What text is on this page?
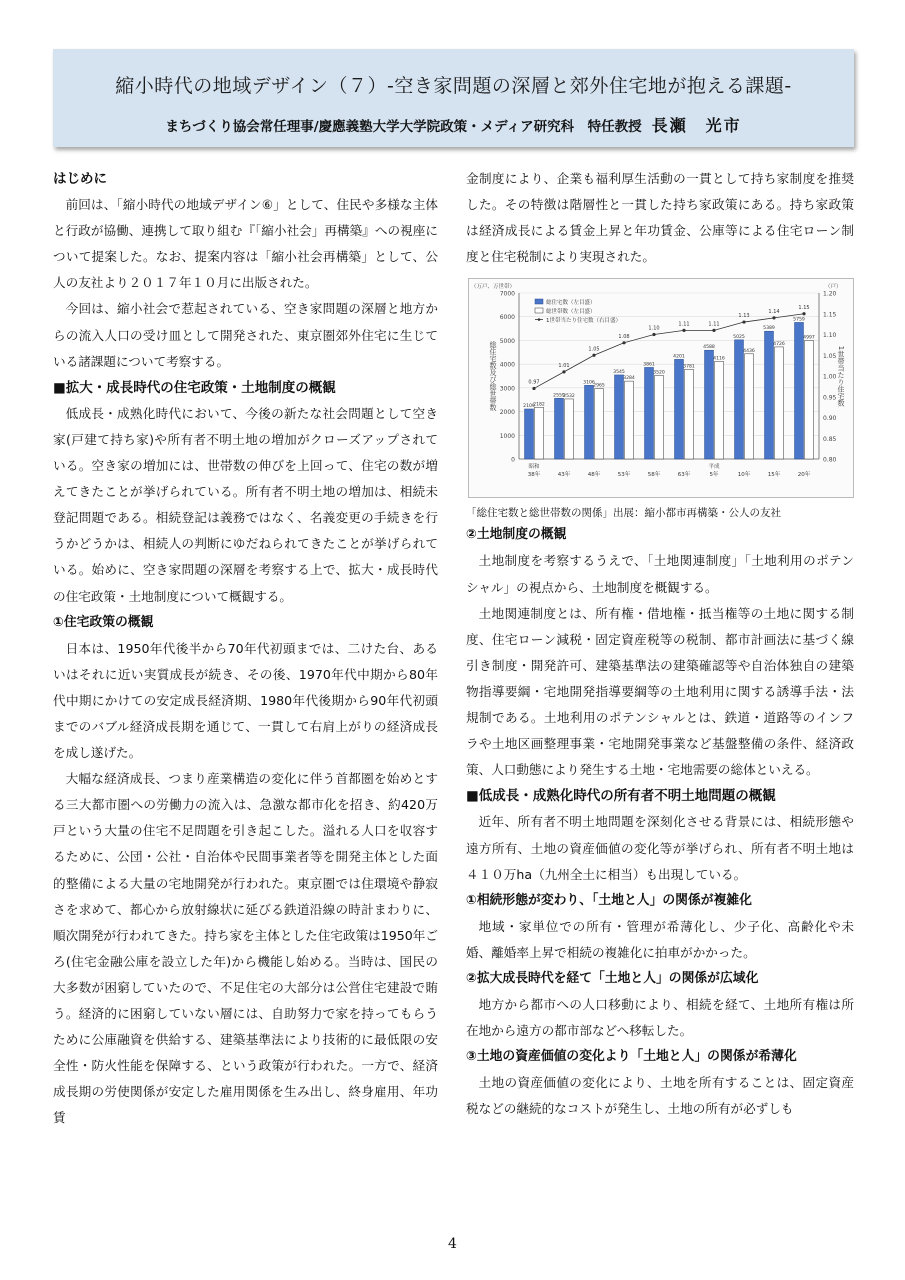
縮小時代の地域デザイン（７）-空き家問題の深層と郊外住宅地が抱える課題-
まちづくり協会常任理事/慶應義塾大学大学院政策・メディア研究科　特任教授 長瀬　光市
はじめに

前回は、「縮小時代の地域デザイン⑥」として、住民や多様な主体と行政が協働、連携して取り組む『「縮小社会」再構築』への視座について提案した。なお、提案内容は「縮小社会再構築」として、公人の友社より２０１７年１０月に出版された。

今回は、縮小社会で惹起されている、空き家問題の深層と地方からの流入人口の受け皿として開発された、東京圏郊外住宅に生じている諸課題について考察する。

■拡大・成長時代の住宅政策・土地制度の概観

低成長・成熟化時代において、今後の新たな社会問題として空き家(戸建て持ち家)や所有者不明土地の増加がクローズアップされている。空き家の増加には、世帯数の伸びを上回って、住宅の数が増えてきたことが挙げられている。所有者不明土地の増加は、相続未登記問題である。相続登記は義務ではなく、名義変更の手続きを行うかどうかは、相続人の判断にゆだねられてきたことが挙げられている。始めに、空き家問題の深層を考察する上で、拡大・成長時代の住宅政策・土地制度について概観する。

①住宅政策の概観

日本は、1950年代後半から70年代初頭までは、二けた台、あるいはそれに近い実質成長が続き、その後、1970年代中期から80年代中期にかけての安定成長経済期、1980年代後期から90年代初頭までのバブル経済成長期を通じて、一貫して右肩上がりの経済成長を成し遂げた。

大幅な経済成長、つまり産業構造の変化に伴う首都圏を始めとする三大都市圏への労働力の流入は、急激な都市化を招き、約420万戸という大量の住宅不足問題を引き起こした。溢れる人口を収容するために、公団・公社・自治体や民間事業者等を開発主体とした面的整備による大量の宅地開発が行われた。東京圏では住環境や静寂さを求めて、都心から放射線状に延びる鉄道沿線の時計まわりに、順次開発が行われてきた。持ち家を主体とした住宅政策は1950年ごろ(住宅金融公庫を設立した年)から機能し始める。当時は、国民の大多数が困窮していたので、不足住宅の大部分は公営住宅建設で賄う。経済的に困窮していない層には、自助努力で家を持ってもらうために公庫融資を供給する、建築基準法により技術的に最低限の安全性・防火性能を保障する、という政策が行われた。一方で、経済成長期の労使関係が安定した雇用関係を生み出し、終身雇用、年功賃

金制度により、企業も福利厚生活動の一貫として持ち家制度を推奨した。その特徴は階層性と一貫した持ち家政策にある。持ち家政策は経済成長による賃金上昇と年功賃金、公庫等による住宅ローン制度と住宅税制により実現された。

0
1000
2000
3000
4000
5000
6000
7000
0.80
0.85
0.90
0.95
1.00
1.05
1.10
1.15
1.20
（万戸、万世帯）	（戸）
総住宅数及び総世帯数	1世帯当たり住宅数
2109
2182
昭和
38年
2559
2532
43年
3106
2965
48年
3545
3284
53年
3861
3520
58年
4201
3781
63年
4588
4116
平成
5年
5025
4436
10年
5389
4726
15年
5759
4997
20年
0.97
1.01
1.05
1.08
1.10
1.11	1.11
1.13
1.14
1.15
総住宅数（左目盛）
総世帯数（左目盛）
1世帯当たり住宅数（右目盛）
「総住宅数と総世帯数の関係」出展：縮小都市再構築・公人の友社
②土地制度の概観

土地制度を考察するうえで、「土地関連制度」「土地利用のポテンシャル」の視点から、土地制度を概観する。

土地関連制度とは、所有権・借地権・抵当権等の土地に関する制度、住宅ローン減税・固定資産税等の税制、都市計画法に基づく線引き制度・開発許可、建築基準法の建築確認等や自治体独自の建築物指導要綱・宅地開発指導要綱等の土地利用に関する誘導手法・法規制である。土地利用のポテンシャルとは、鉄道・道路等のインフラや土地区画整理事業・宅地開発事業など基盤整備の条件、経済政策、人口動態により発生する土地・宅地需要の総体といえる。

■低成長・成熟化時代の所有者不明土地問題の概観

近年、所有者不明土地問題を深刻化させる背景には、相続形態や遠方所有、土地の資産価値の変化等が挙げられ、所有者不明土地は４１０万ha（九州全土に相当）も出現している。

①相続形態が変わり、「土地と人」の関係が複雑化

地域・家単位での所有・管理が希薄化し、少子化、高齢化や未婚、離婚率上昇で相続の複雑化に拍車がかかった。

②拡大成長時代を経て「土地と人」の関係が広域化

地方から都市への人口移動により、相続を経て、土地所有権は所在地から遠方の都市部などへ移転した。

③土地の資産価値の変化より「土地と人」の関係が希薄化

土地の資産価値の変化により、土地を所有することは、固定資産税などの継続的なコストが発生し、土地の所有が必ずしも

4
